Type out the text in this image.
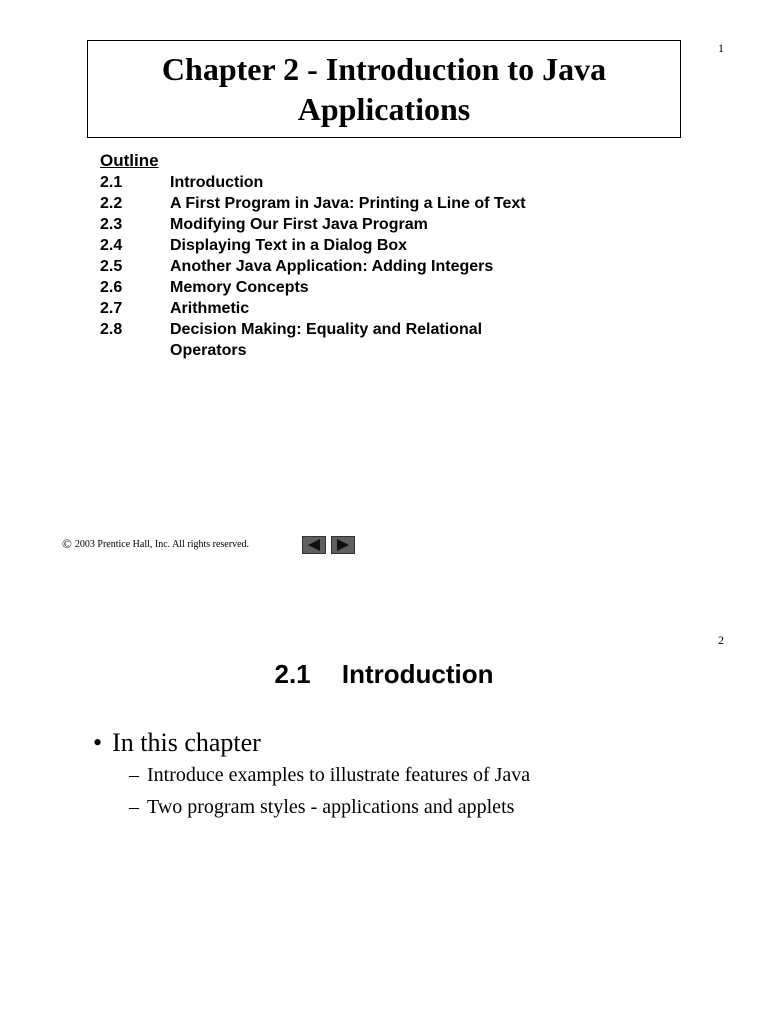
1
Chapter 2 - Introduction to Java Applications
Outline
2.1	Introduction
2.2	A First Program in Java: Printing a Line of Text
2.3	Modifying Our First Java Program
2.4	Displaying Text in a Dialog Box
2.5	Another Java Application: Adding Integers
2.6	Memory Concepts
2.7	Arithmetic
2.8	Decision Making: Equality and Relational Operators
© 2003 Prentice Hall, Inc. All rights reserved.
2
2.1 Introduction
• In this chapter
– Introduce examples to illustrate features of Java
– Two program styles - applications and applets
